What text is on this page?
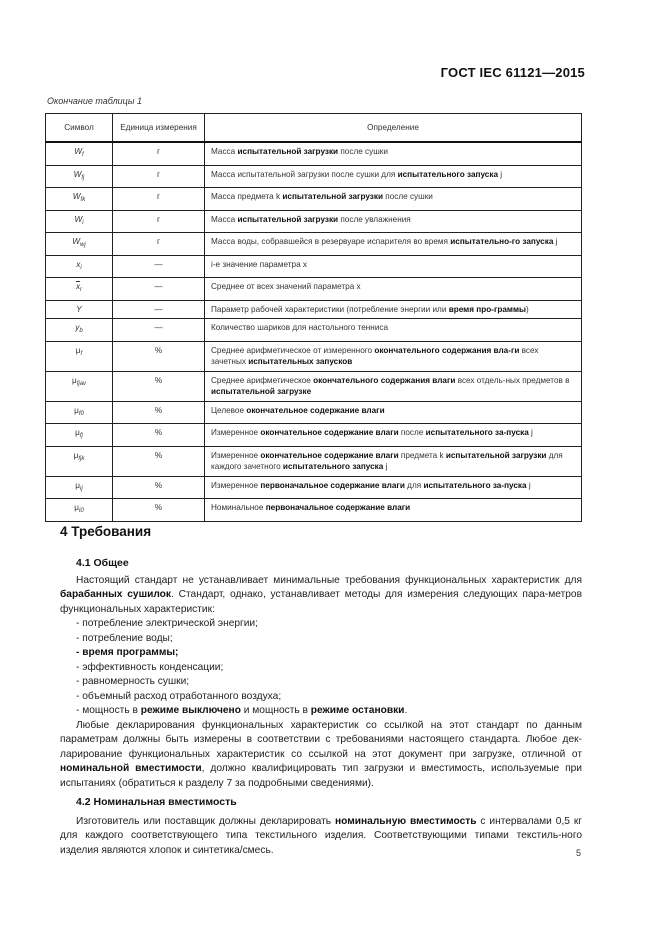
ГОСТ IEC 61121—2015
Окончание таблицы 1
Символ	Единица измерения	Определение
$W_f$	г	Масса испытательной загрузки после сушки
$W_{fj}$	г	Масса испытательной загрузки после сушки для испытательного запуска j
$W_{fk}$	г	Масса предмета k испытательной загрузки после сушки
$W_i$	г	Масса испытательной загрузки после увлажнения
$W_{wj}$	г	Масса воды, собравшейся в резервуаре испарителя во время испытательно-го запуска j
$x_i$	—	i-е значение параметра x
$\overline{x}_r$	—	Среднее от всех значений параметра x
Y	—	Параметр рабочей характеристики (потребление энергии или время про-граммы)
$y_b$	—	Количество шариков для настольного тенниса
$\mu_f$	%	Среднее арифметическое от измеренного окончательного содержания вла-ги всех зачетных испытательных запусков
$\mu_{fjav}$	%	Среднее арифметическое окончательного содержания влаги всех отдель-ных предметов в испытательной загрузке
$\mu_{f0}$	%	Целевое окончательное содержание влаги
$\mu_{fj}$	%	Измеренное окончательное содержание влаги после испытательного за-пуска j
$\mu_{fjk}$	%	Измеренное окончательное содержание влаги предмета k испытательной загрузки для каждого зачетного испытательного запуска j
$\mu_{ij}$	%	Измеренное первоначальное содержание влаги для испытательного за-пуска j
$\mu_{i0}$	%	Номинальное первоначальное содержание влаги
4 Требования
4.1 Общее

Настоящий стандарт не устанавливает минимальные требования функциональных характеристик для барабанных сушилок. Стандарт, однако, устанавливает методы для измерения следующих пара-метров функциональных характеристик:

- потребление электрической энергии;

- потребление воды;

- время программы;

- эффективность конденсации;

- равномерность сушки;

- объемный расход отработанного воздуха;

- мощность в режиме выключено и мощность в режиме остановки.

Любые декларирования функциональных характеристик со ссылкой на этот стандарт по данным параметрам должны быть измерены в соответствии с требованиями настоящего стандарта. Любое дек-ларирование функциональных характеристик со ссылкой на этот документ при загрузке, отличной от номинальной вместимости, должно квалифицировать тип загрузки и вместимость, используемые при испытаниях (обратиться к разделу 7 за подробными сведениями).

4.2 Номинальная вместимость

Изготовитель или поставщик должны декларировать номинальную вместимость с интервалами 0,5 кг для каждого соответствующего типа текстильного изделия. Соответствующими типами текстиль-ного изделия являются хлопок и синтетика/смесь.	5
